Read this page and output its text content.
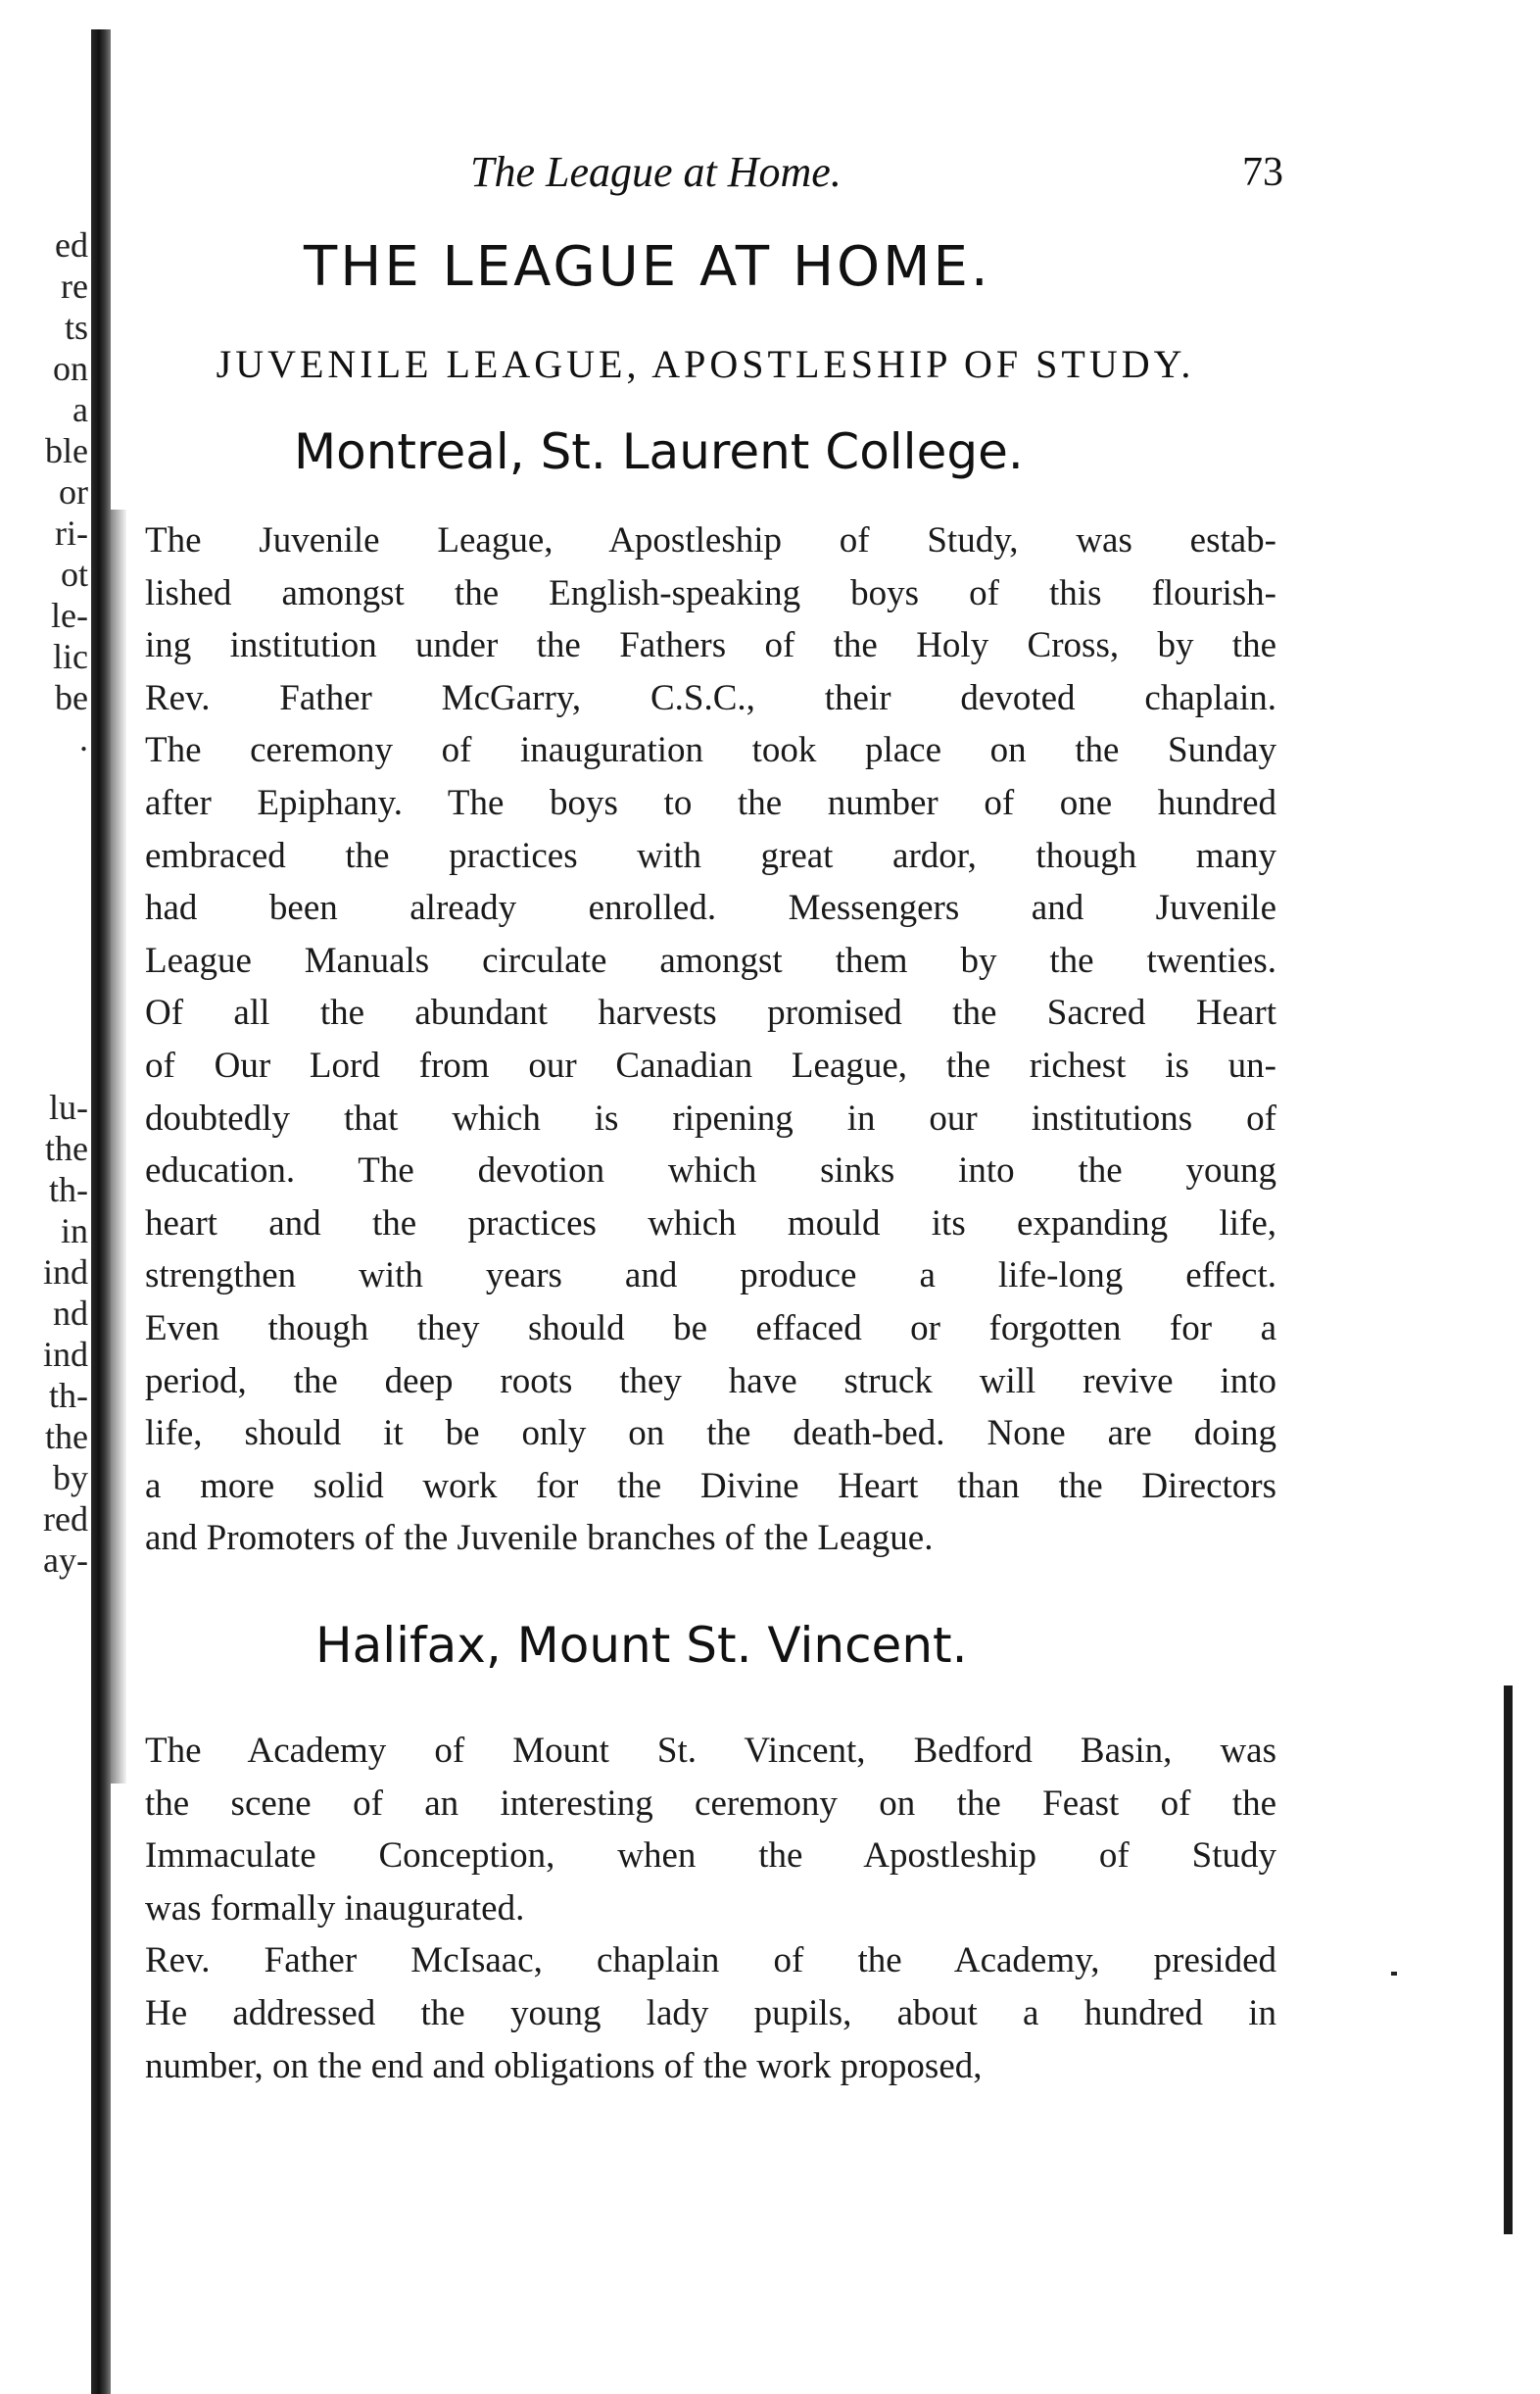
ed
re
ts
on
a
ble
or
ri-
ot
le-
lic
be
.
lu-
the
th-
in
ind
nd
ind
th-
the
by
red
ay-
The League at Home.	73
THE LEAGUE AT HOME.
JUVENILE LEAGUE, APOSTLESHIP OF STUDY.
Montreal, St. Laurent College.
The Juvenile League, Apostleship of Study, was estab-
lished amongst the English-speaking boys of this flourish-
ing institution under the Fathers of the Holy Cross, by the
Rev. Father McGarry, C.S.C., their devoted chaplain.
The ceremony of inauguration took place on the Sunday
after Epiphany. The boys to the number of one hundred
embraced the practices with great ardor, though many
had been already enrolled. Messengers and Juvenile
League Manuals circulate amongst them by the twenties.
Of all the abundant harvests promised the Sacred Heart
of Our Lord from our Canadian League, the richest is un-
doubtedly that which is ripening in our institutions of
education. The devotion which sinks into the young
heart and the practices which mould its expanding life,
strengthen with years and produce a life-long effect.
Even though they should be effaced or forgotten for a
period, the deep roots they have struck will revive into
life, should it be only on the death-bed. None are doing
a more solid work for the Divine Heart than the Directors
and Promoters of the Juvenile branches of the League.
Halifax, Mount St. Vincent.
The Academy of Mount St. Vincent, Bedford Basin, was
the scene of an interesting ceremony on the Feast of the
Immaculate Conception, when the Apostleship of Study
was formally inaugurated.
Rev. Father McIsaac, chaplain of the Academy, presided
He addressed the young lady pupils, about a hundred in
number, on the end and obligations of the work proposed,
